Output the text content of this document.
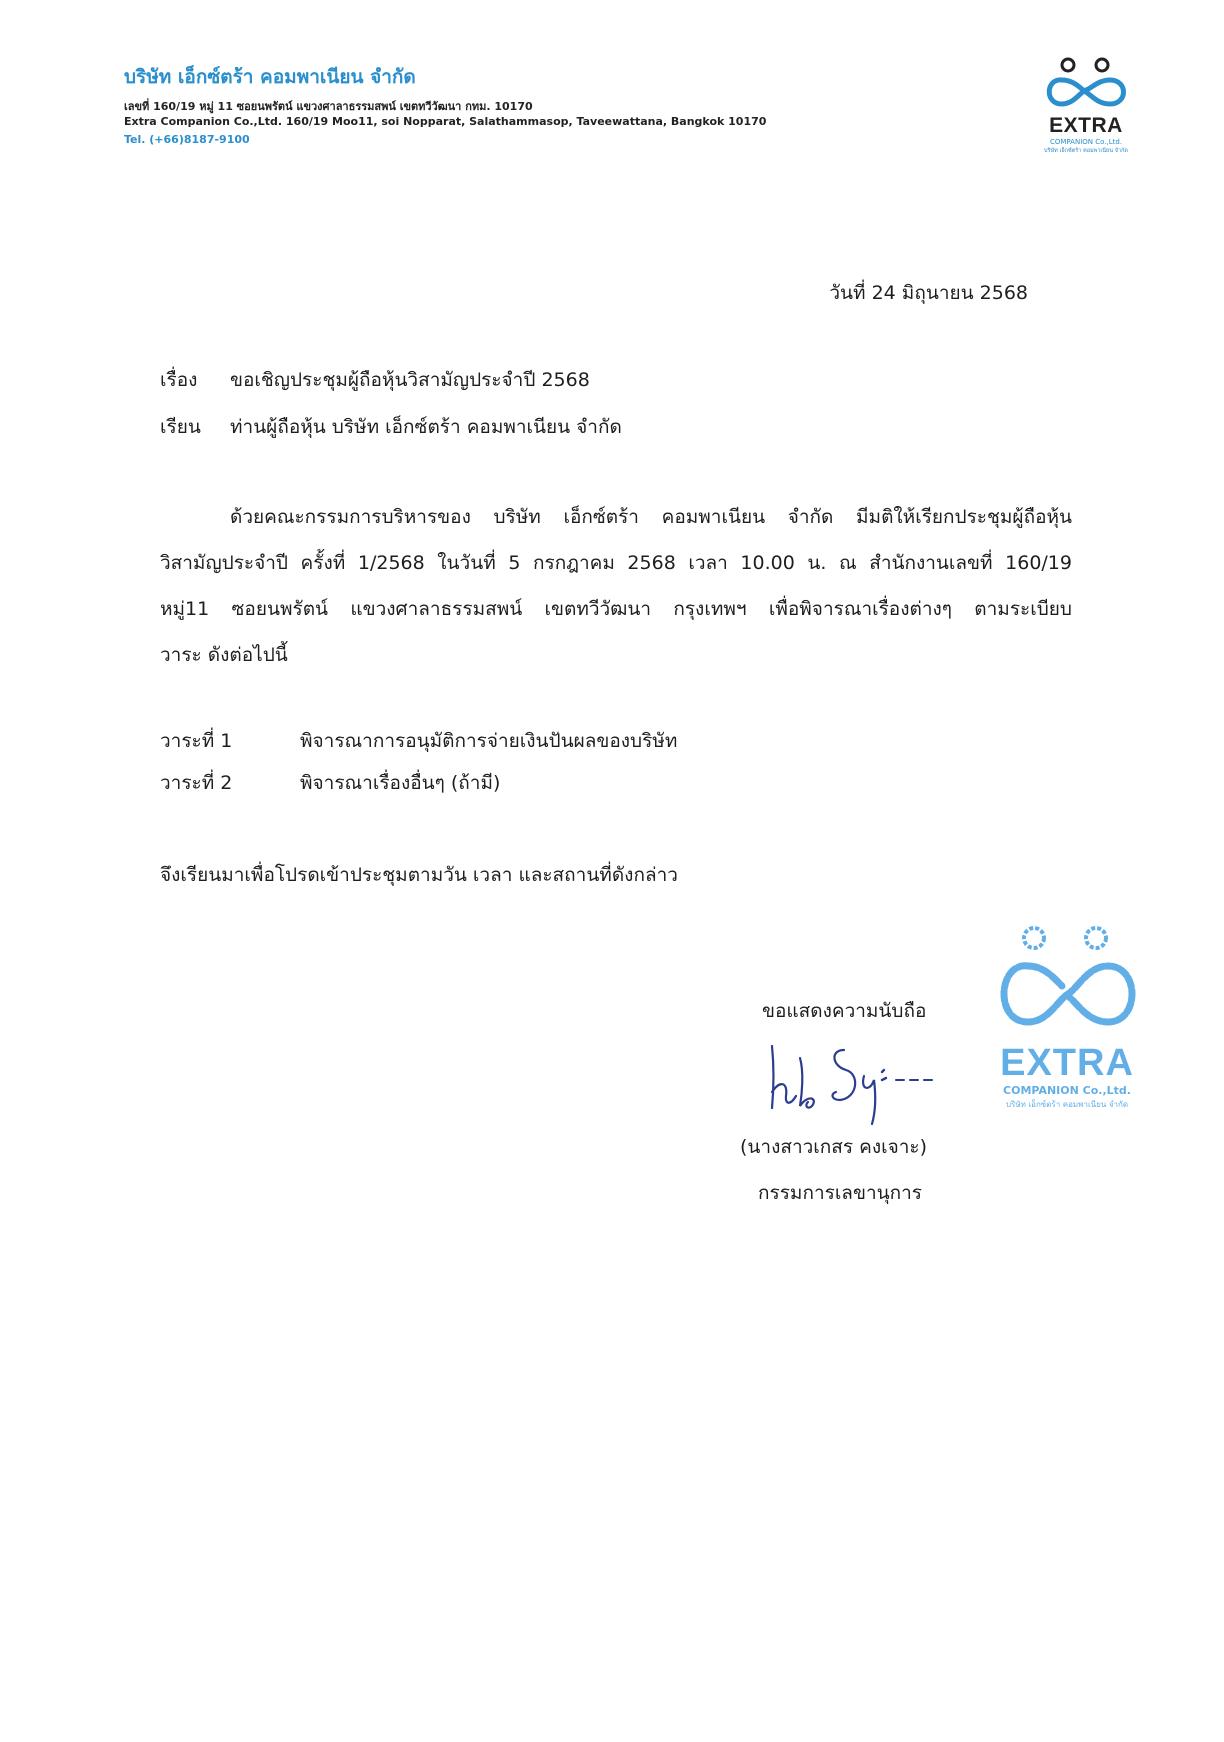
บริษัท เอ็กซ์ตร้า คอมพาเนียน จำกัด
เลขที่ 160/19 หมู่ 11 ซอยนพรัตน์ แขวงศาลาธรรมสพน์ เขตทวีวัฒนา กทม. 10170
Extra Companion Co.,Ltd. 160/19 Moo11, soi Nopparat, Salathammasop, Taveewattana, Bangkok 10170
Tel. (+66)8187-9100
EXTRA
COMPANION Co.,Ltd.
บริษัท เอ็กซ์ตร้า คอมพาเนียน จำกัด
วันที่ 24 มิถุนายน 2568
เรื่อง ขอเชิญประชุมผู้ถือหุ้นวิสามัญประจำปี 2568
เรียน ท่านผู้ถือหุ้น บริษัท เอ็กซ์ตร้า คอมพาเนียน จำกัด
ด้วยคณะกรรมการบริหารของ บริษัท เอ็กซ์ตร้า คอมพาเนียน จำกัด มีมติให้เรียกประชุมผู้ถือหุ้น
วิสามัญประจำปี ครั้งที่ 1/2568 ในวันที่ 5 กรกฎาคม 2568 เวลา 10.00 น. ณ สำนักงานเลขที่ 160/19
หมู่11 ซอยนพรัตน์ แขวงศาลาธรรมสพน์ เขตทวีวัฒนา กรุงเทพฯ เพื่อพิจารณาเรื่องต่างๆ ตามระเบียบ
วาระ ดังต่อไปนี้
วาระที่ 1	พิจารณาการอนุมัติการจ่ายเงินปันผลของบริษัท
วาระที่ 2	พิจารณาเรื่องอื่นๆ (ถ้ามี)
จึงเรียนมาเพื่อโปรดเข้าประชุมตามวัน เวลา และสถานที่ดังกล่าว
ขอแสดงความนับถือ
EXTRA
COMPANION Co.,Ltd.
บริษัท เอ็กซ์ตร้า คอมพาเนียน จำกัด
(นางสาวเกสร คงเจาะ)
กรรมการเลขานุการ
